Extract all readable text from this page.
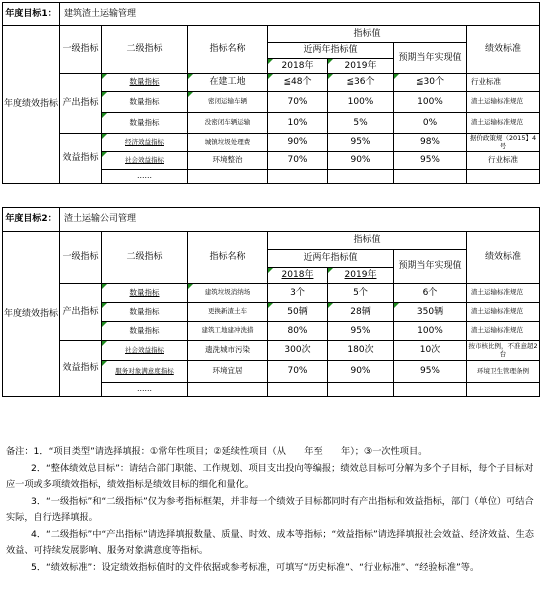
年度目标1：	建筑渣土运输管理						
年度绩效指标	一级指标	二级指标	指标名称	指标值			绩效标准
				近两年指标值		预期当年实现值	
				2018年	2019年		
	产出指标	数量指标	在建工地	≦48个	≦36个	≦30个	行业标准
		数量指标	密闭运输车辆	70%	100%	100%	渣土运输标准规范
		数量指标	没密闭车辆运输	10%	5%	0%	渣土运输标准规范
	效益指标	经济效益指标	城镇垃圾处理费	90%	95%	98%	据价政策规（2015】4号
		社会效益指标	环境整治	70%	90%	95%	行业标准
		……					
年度目标2：	渣土运输公司管理						
年度绩效指标	一级指标	二级指标	指标名称	指标值			绩效标准
				近两年指标值		预期当年实现值	
				2018年	2019年		
	产出指标	数量指标	建筑垃圾消纳场	3个	5个	6个	渣土运输标准规范
		数量指标	更换新渣土车	50辆	28辆	350辆	渣土运输标准规范
		数量指标	建筑工地建冲洗措	80%	95%	100%	渣土运输标准规范
	效益指标	社会效益指标	遗洗城市污染	300次	180次	10次	按市核比例，不准意超2台
		服务对象满意度指标	环境宜居	70%	90%	95%	环境卫生管理条例
		……					

备注：1．“项目类型”请选择填报：①常年性项目；②延续性项目（从　　年至　　年）；③一次性项目。

2．“整体绩效总目标”：请结合部门职能、工作规划、项目支出投向等编报；绩效总目标可分解为多个子目标，每个子目标对应一项或多项绩效指标，绩效指标是绩效目标的细化和量化。

3．“一级指标”和“二级指标”仅为参考指标框架，并非每一个绩效子目标都同时有产出指标和效益指标，部门（单位）可结合实际，自行选择填报。

4．“二级指标”中“产出指标”请选择填报数量、质量、时效、成本等指标；“效益指标”请选择填报社会效益、经济效益、生态效益、可持续发展影响、服务对象满意度等指标。

5．“绩效标准”：设定绩效指标值时的文件依据或参考标准，可填写“历史标准”、“行业标准”、“经验标准”等。
